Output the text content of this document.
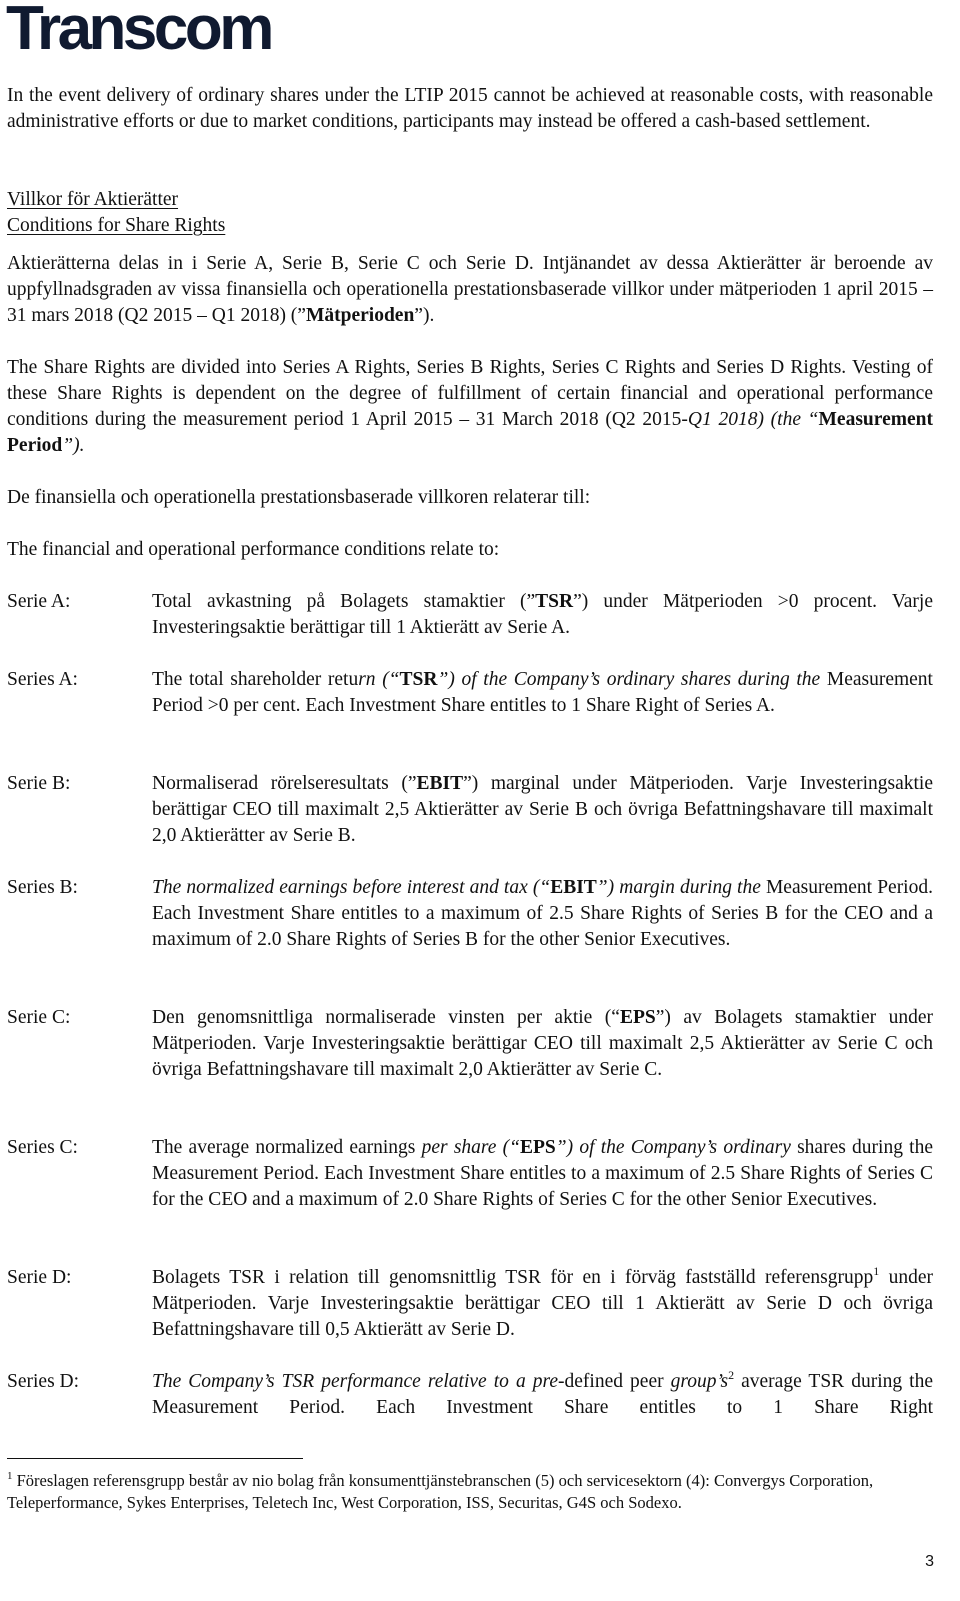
Transcom

In the event delivery of ordinary shares under the LTIP 2015 cannot be achieved at reasonable costs, with reasonable administrative efforts or due to market conditions, participants may instead be offered a cash-based settlement.

Villkor för Aktierätter
Conditions for Share Rights

Aktierätterna delas in i Serie A, Serie B, Serie C och Serie D. Intjänandet av dessa Aktierätter är beroende av uppfyllnadsgraden av vissa finansiella och operationella prestationsbaserade villkor under mätperioden 1 april 2015 – 31 mars 2018 (Q2 2015 – Q1 2018) (”Mätperioden”).

The Share Rights are divided into Series A Rights, Series B Rights, Series C Rights and Series D Rights. Vesting of these Share Rights is dependent on the degree of fulfillment of certain financial and operational performance conditions during the measurement period 1 April 2015 – 31 March 2018 (Q2 2015-Q1 2018) (the “Measurement Period”).

De finansiella och operationella prestationsbaserade villkoren relaterar till:

The financial and operational performance conditions relate to:

Serie A:	Total avkastning på Bolagets stamaktier (”TSR”) under Mätperioden >0 procent. Varje Investeringsaktie berättigar till 1 Aktierätt av Serie A.
Series A:	The total shareholder return (“TSR”) of the Company’s ordinary shares during the Measurement Period >0 per cent. Each Investment Share entitles to 1 Share Right of Series A.
Serie B:	Normaliserad rörelseresultats (”EBIT”) marginal under Mätperioden. Varje Investeringsaktie berättigar CEO till maximalt 2,5 Aktierätter av Serie B och övriga Befattningshavare till maximalt 2,0 Aktierätter av Serie B.
Series B:	The normalized earnings before interest and tax (“EBIT”) margin during the Measurement Period. Each Investment Share entitles to a maximum of 2.5 Share Rights of Series B for the CEO and a maximum of 2.0 Share Rights of Series B for the other Senior Executives.
Serie C:	Den genomsnittliga normaliserade vinsten per aktie (“EPS”) av Bolagets stamaktier under Mätperioden. Varje Investeringsaktie berättigar CEO till maximalt 2,5 Aktierätter av Serie C och övriga Befattningshavare till maximalt 2,0 Aktierätter av Serie C.
Series C:	The average normalized earnings per share (“EPS”) of the Company’s ordinary shares during the Measurement Period. Each Investment Share entitles to a maximum of 2.5 Share Rights of Series C for the CEO and a maximum of 2.0 Share Rights of Series C for the other Senior Executives.
Serie D:	Bolagets TSR i relation till genomsnittlig TSR för en i förväg fastställd referensgrupp$^1$ under Mätperioden. Varje Investeringsaktie berättigar CEO till 1 Aktierätt av Serie D och övriga Befattningshavare till 0,5 Aktierätt av Serie D.
Series D:	The Company’s TSR performance relative to a pre-defined peer $group’s^2$ average TSR during the Measurement Period. Each Investment Share entitles to 1 Share Right
$^1$ Föreslagen referensgrupp består av nio bolag från konsumenttjänstebranschen (5) och servicesektorn (4): Convergys Corporation, Teleperformance, Sykes Enterprises, Teletech Inc, West Corporation, ISS, Securitas, G4S och Sodexo.
3
